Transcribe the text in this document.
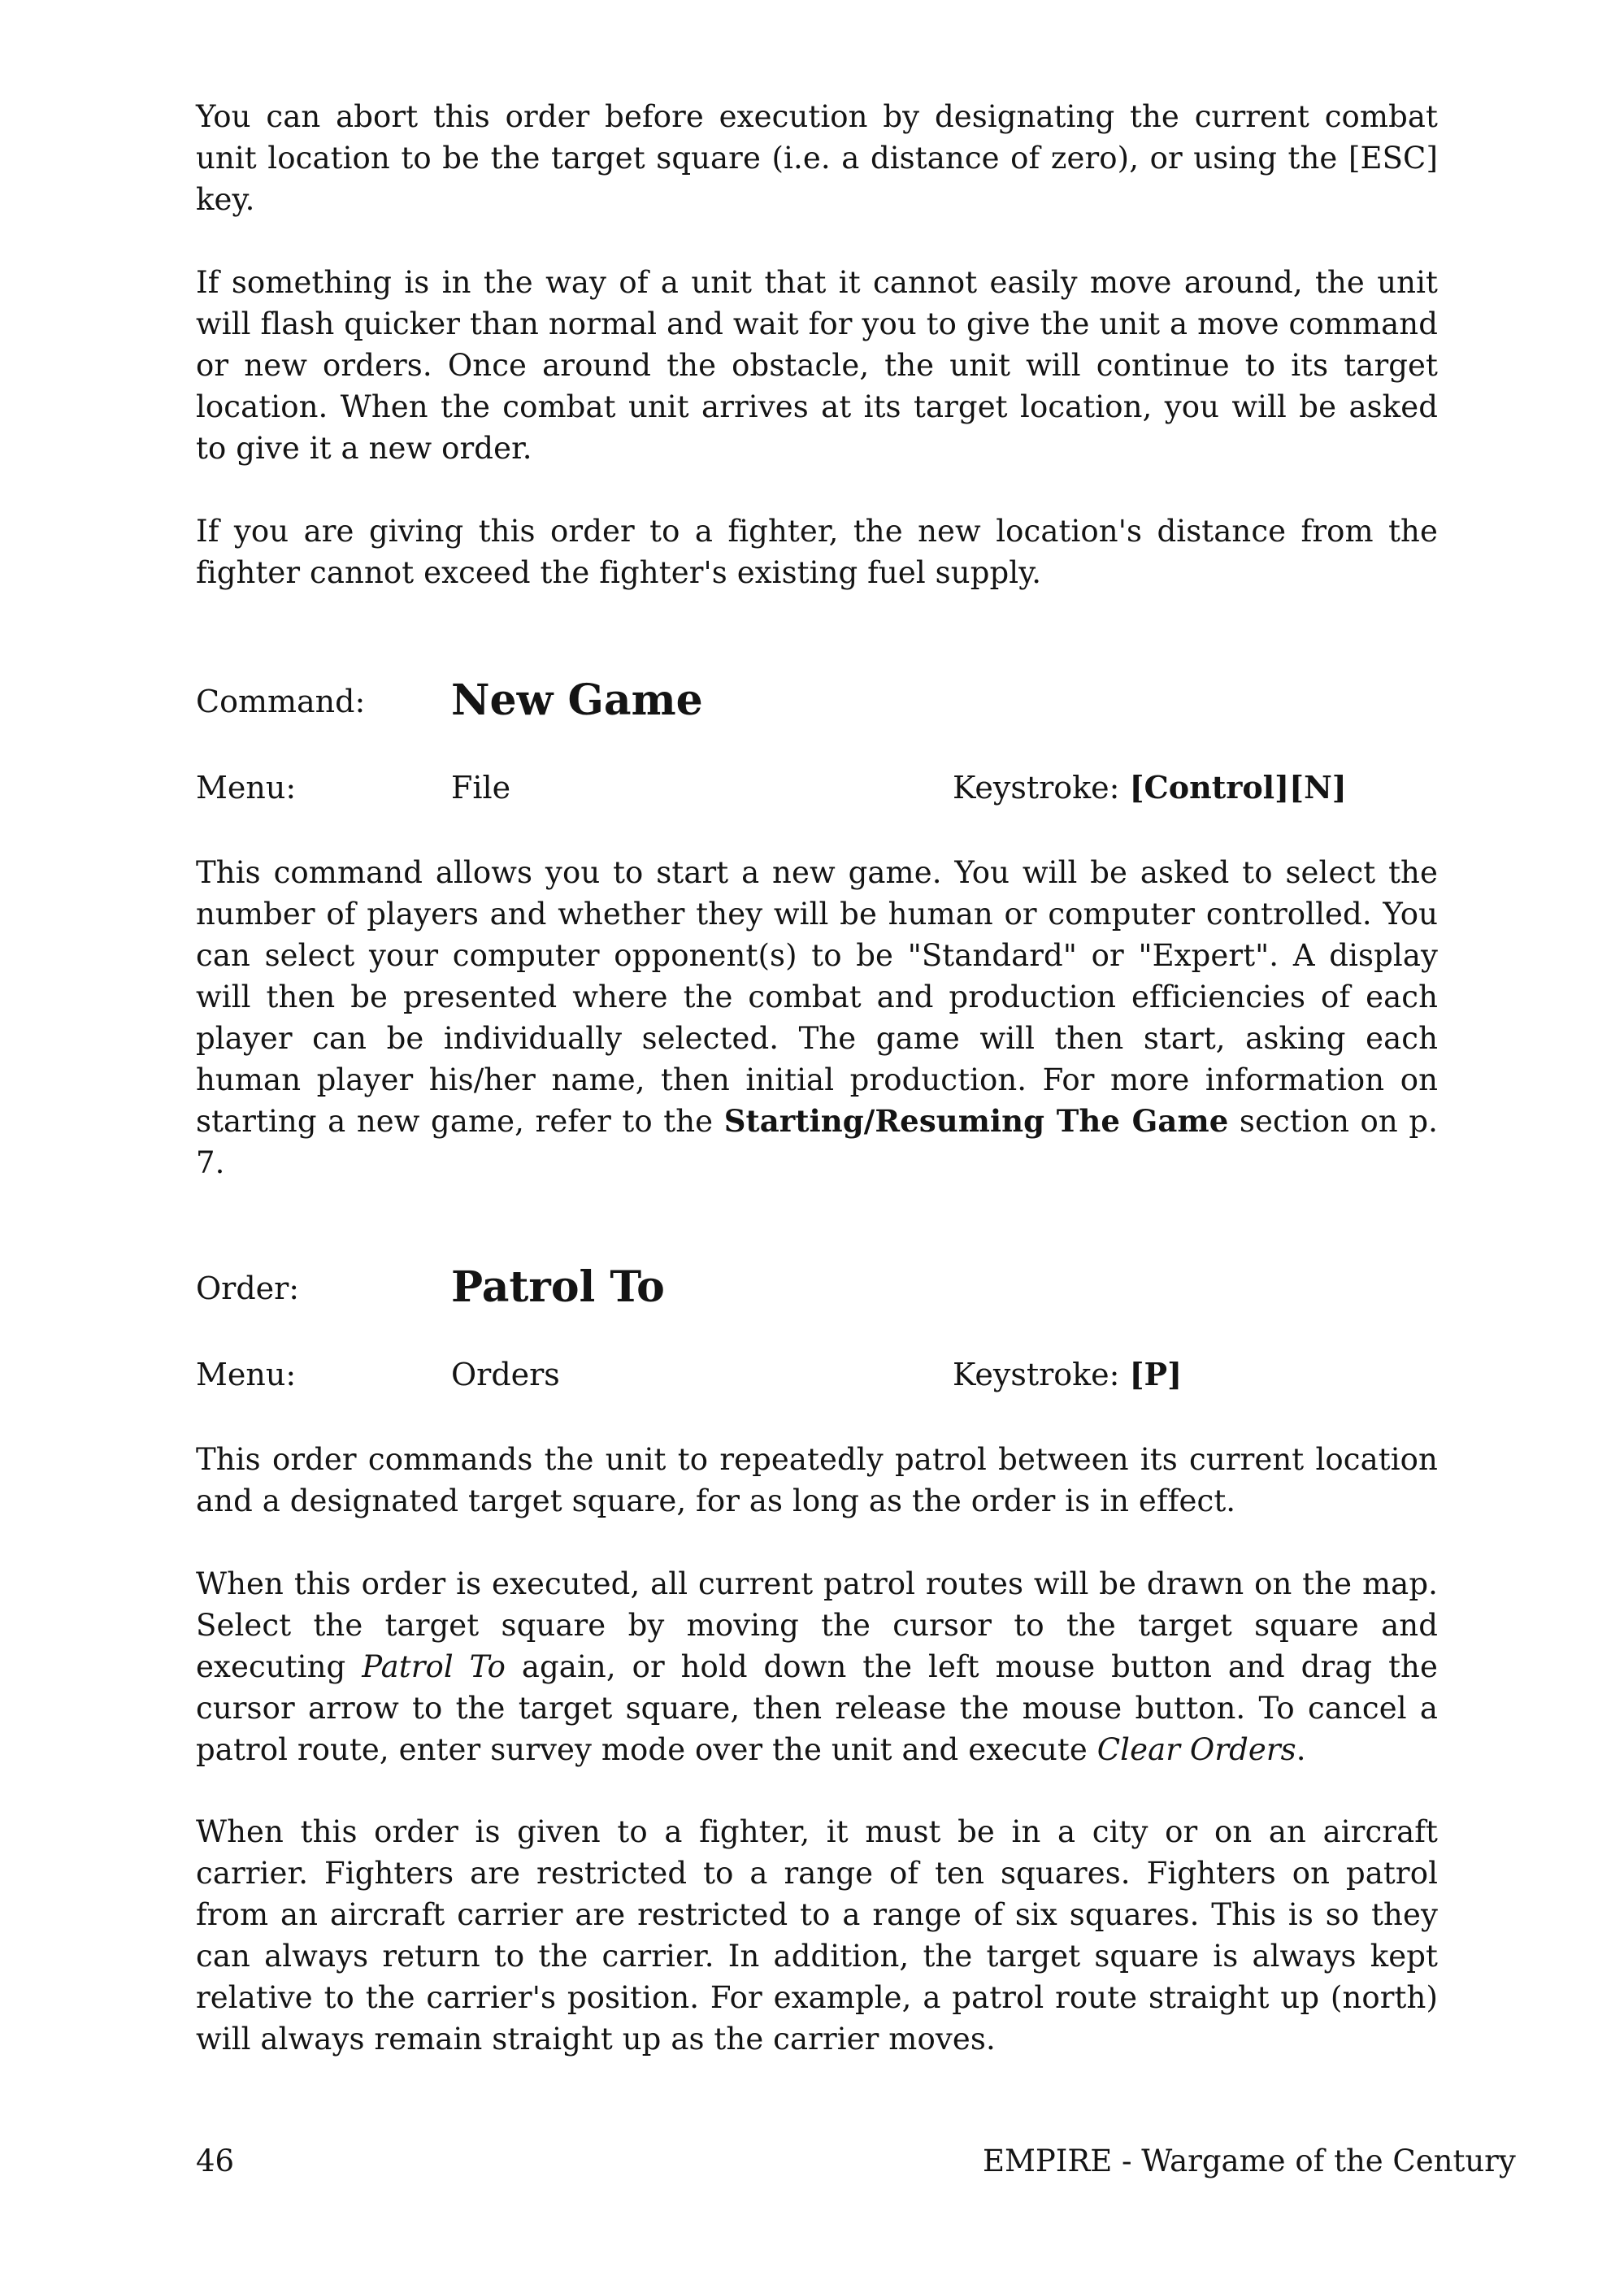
You can abort this order before execution by designating the current combat unit location to be the target square (i.e. a distance of zero), or using the [ESC] key.

If something is in the way of a unit that it cannot easily move around, the unit will flash quicker than normal and wait for you to give the unit a move command or new orders. Once around the obstacle, the unit will continue to its target location. When the combat unit arrives at its target location, you will be asked to give it a new order.

If you are giving this order to a fighter, the new location's distance from the fighter cannot exceed the fighter's existing fuel supply.

Command: New Game
Menu:	File	Keystroke: [Control][N]

This command allows you to start a new game. You will be asked to select the number of players and whether they will be human or computer controlled. You can select your computer opponent(s) to be "Standard" or "Expert". A display will then be presented where the combat and production efficiencies of each player can be individually selected. The game will then start, asking each human player his/her name, then initial production. For more information on starting a new game, refer to the Starting/Resuming The Game section on p. 7.

Order:	Patrol To
Menu:	Orders	Keystroke: [P]

This order commands the unit to repeatedly patrol between its current location and a designated target square, for as long as the order is in effect.

When this order is executed, all current patrol routes will be drawn on the map. Select the target square by moving the cursor to the target square and executing Patrol To again, or hold down the left mouse button and drag the cursor arrow to the target square, then release the mouse button. To cancel a patrol route, enter survey mode over the unit and execute Clear Orders.

When this order is given to a fighter, it must be in a city or on an aircraft carrier. Fighters are restricted to a range of ten squares. Fighters on patrol from an aircraft carrier are restricted to a range of six squares. This is so they can always return to the carrier. In addition, the target square is always kept relative to the carrier's position. For example, a patrol route straight up (north) will always remain straight up as the carrier moves.

46	EMPIRE - Wargame of the Century
